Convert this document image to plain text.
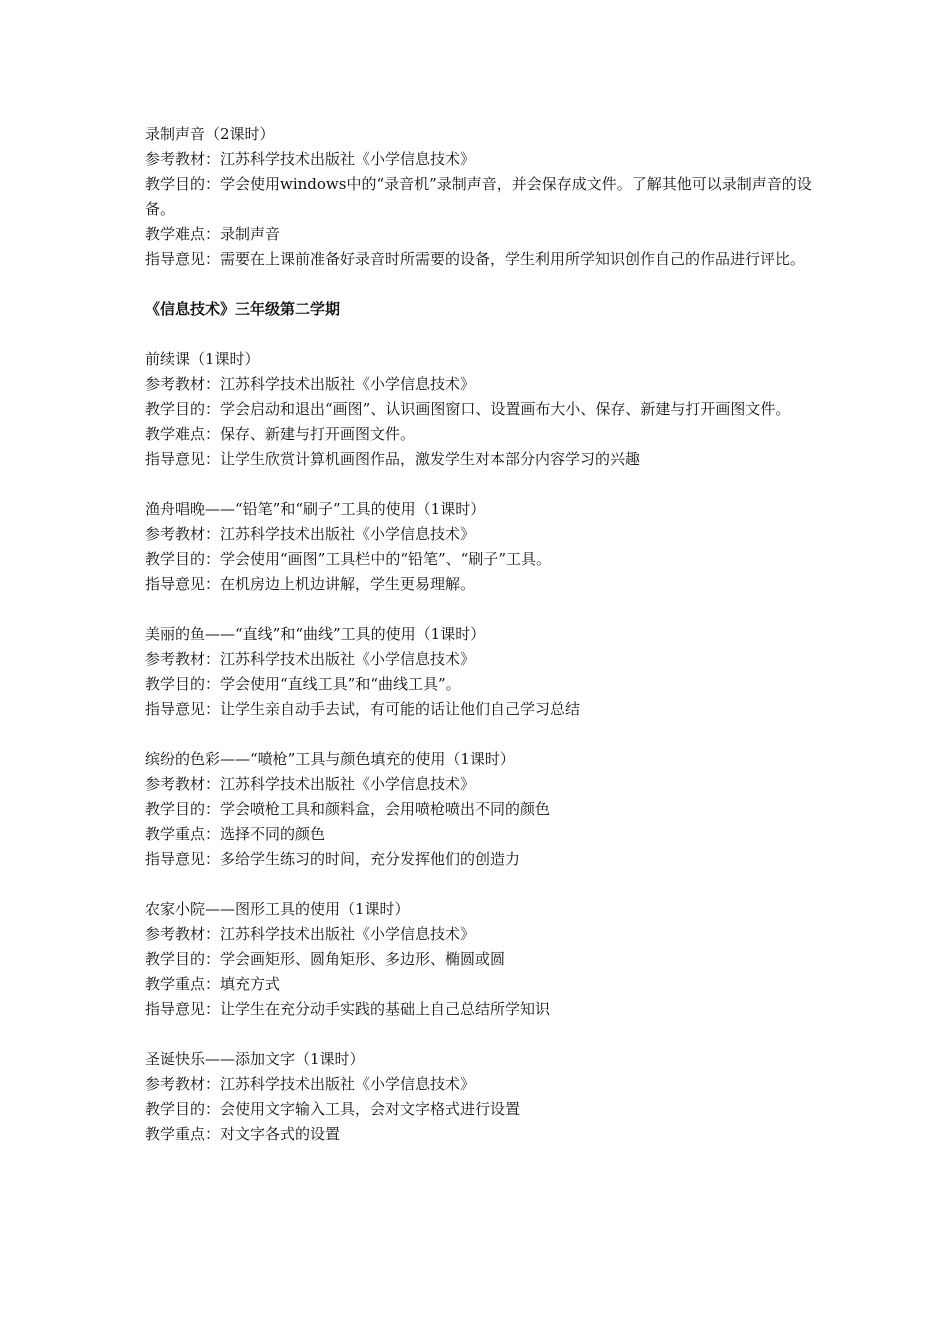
录制声音（2课时）

参考教材：江苏科学技术出版社《小学信息技术》

教学目的：学会使用windows中的“录音机”录制声音，并会保存成文件。了解其他可以录制声音的设备。

教学难点：录制声音

指导意见：需要在上课前准备好录音时所需要的设备，学生利用所学知识创作自己的作品进行评比。

《信息技术》三年级第二学期

前续课（1课时）

参考教材：江苏科学技术出版社《小学信息技术》

教学目的：学会启动和退出“画图”、认识画图窗口、设置画布大小、保存、新建与打开画图文件。

教学难点：保存、新建与打开画图文件。

指导意见：让学生欣赏计算机画图作品，激发学生对本部分内容学习的兴趣

渔舟唱晚——“铅笔”和“刷子”工具的使用（1课时）

参考教材：江苏科学技术出版社《小学信息技术》

教学目的：学会使用“画图”工具栏中的“铅笔”、“刷子”工具。

指导意见：在机房边上机边讲解，学生更易理解。

美丽的鱼——“直线”和“曲线”工具的使用（1课时）

参考教材：江苏科学技术出版社《小学信息技术》

教学目的：学会使用“直线工具”和“曲线工具”。

指导意见：让学生亲自动手去试，有可能的话让他们自己学习总结

缤纷的色彩——“喷枪”工具与颜色填充的使用（1课时）

参考教材：江苏科学技术出版社《小学信息技术》

教学目的：学会喷枪工具和颜料盒，会用喷枪喷出不同的颜色

教学重点：选择不同的颜色

指导意见：多给学生练习的时间，充分发挥他们的创造力

农家小院——图形工具的使用（1课时）

参考教材：江苏科学技术出版社《小学信息技术》

教学目的：学会画矩形、圆角矩形、多边形、椭圆或圆

教学重点：填充方式

指导意见：让学生在充分动手实践的基础上自己总结所学知识

圣诞快乐——添加文字（1课时）

参考教材：江苏科学技术出版社《小学信息技术》

教学目的：会使用文字输入工具，会对文字格式进行设置

教学重点：对文字各式的设置
